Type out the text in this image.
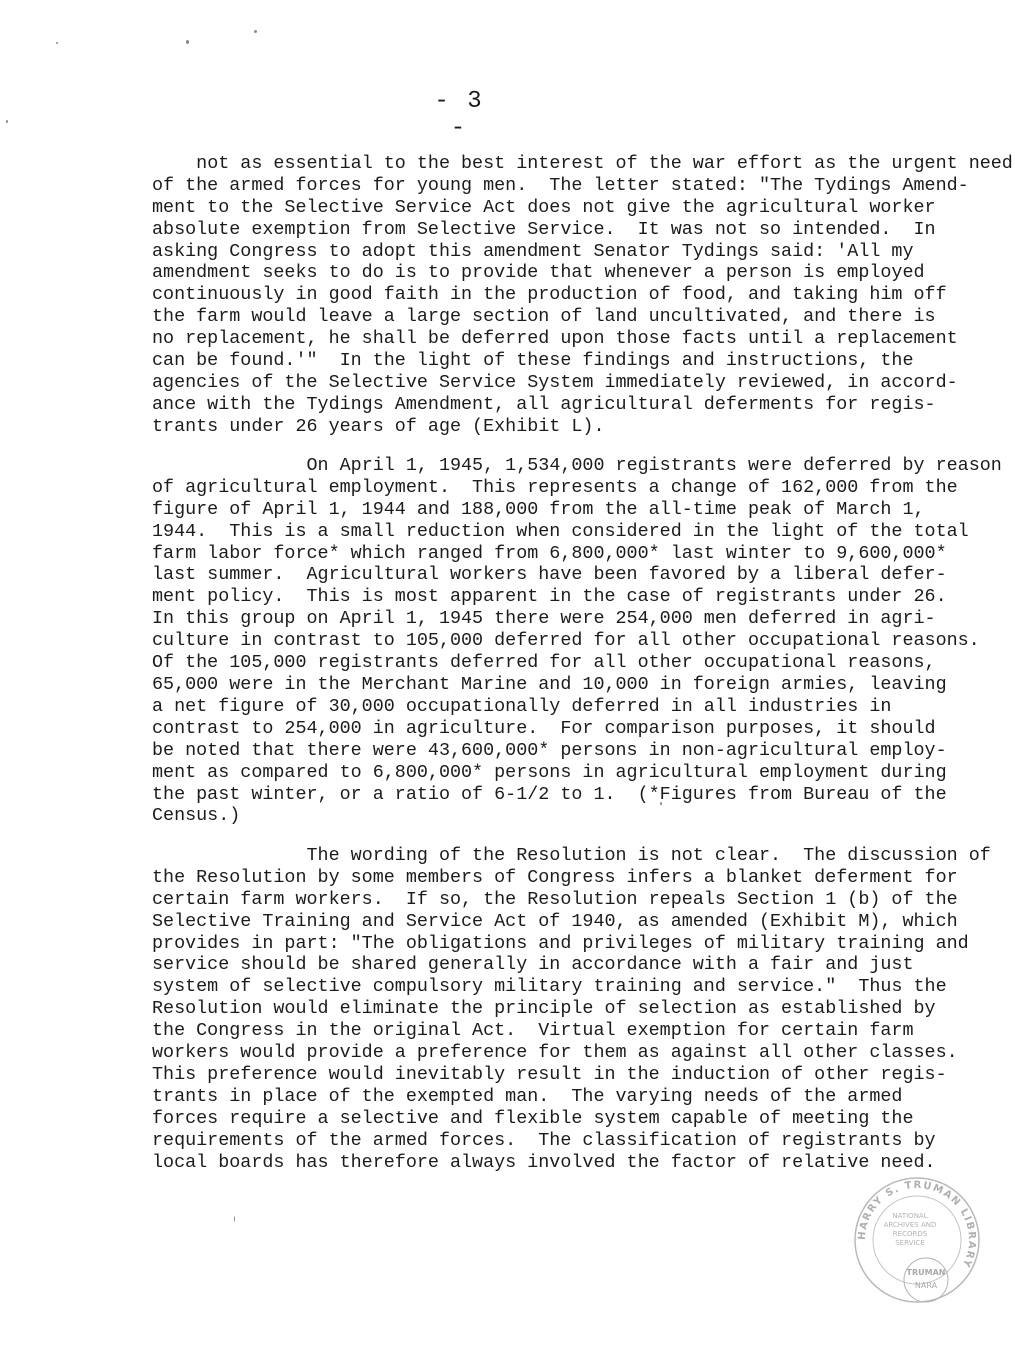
- 3 -

not as essential to the best interest of the war effort as the urgent need
of the armed forces for young men.  The letter stated: "The Tydings Amend-
ment to the Selective Service Act does not give the agricultural worker
absolute exemption from Selective Service.  It was not so intended.  In
asking Congress to adopt this amendment Senator Tydings said: 'All my
amendment seeks to do is to provide that whenever a person is employed
continuously in good faith in the production of food, and taking him off
the farm would leave a large section of land uncultivated, and there is
no replacement, he shall be deferred upon those facts until a replacement
can be found.'"  In the light of these findings and instructions, the
agencies of the Selective Service System immediately reviewed, in accord-
ance with the Tydings Amendment, all agricultural deferments for regis-
trants under 26 years of age (Exhibit L).

On April 1, 1945, 1,534,000 registrants were deferred by reason
of agricultural employment.  This represents a change of 162,000 from the
figure of April 1, 1944 and 188,000 from the all-time peak of March 1,
1944.  This is a small reduction when considered in the light of the total
farm labor force* which ranged from 6,800,000* last winter to 9,600,000*
last summer.  Agricultural workers have been favored by a liberal defer-
ment policy.  This is most apparent in the case of registrants under 26.
In this group on April 1, 1945 there were 254,000 men deferred in agri-
culture in contrast to 105,000 deferred for all other occupational reasons.
Of the 105,000 registrants deferred for all other occupational reasons,
65,000 were in the Merchant Marine and 10,000 in foreign armies, leaving
a net figure of 30,000 occupationally deferred in all industries in
contrast to 254,000 in agriculture.  For comparison purposes, it should
be noted that there were 43,600,000* persons in non-agricultural employ-
ment as compared to 6,800,000* persons in agricultural employment during
the past winter, or a ratio of 6-1/2 to 1.  (*Figures from Bureau of the
Census.)

The wording of the Resolution is not clear.  The discussion of
the Resolution by some members of Congress infers a blanket deferment for
certain farm workers.  If so, the Resolution repeals Section 1 (b) of the
Selective Training and Service Act of 1940, as amended (Exhibit M), which
provides in part: "The obligations and privileges of military training and
service should be shared generally in accordance with a fair and just
system of selective compulsory military training and service."  Thus the
Resolution would eliminate the principle of selection as established by
the Congress in the original Act.  Virtual exemption for certain farm
workers would provide a preference for them as against all other classes.
This preference would inevitably result in the induction of other regis-
trants in place of the exempted man.  The varying needs of the armed
forces require a selective and flexible system capable of meeting the
requirements of the armed forces.  The classification of registrants by
local boards has therefore always involved the factor of relative need.

HARRY S. TRUMAN LIBRARY
NATIONAL
ARCHIVES AND
RECORDS
SERVICE
TRUMAN
NARA
